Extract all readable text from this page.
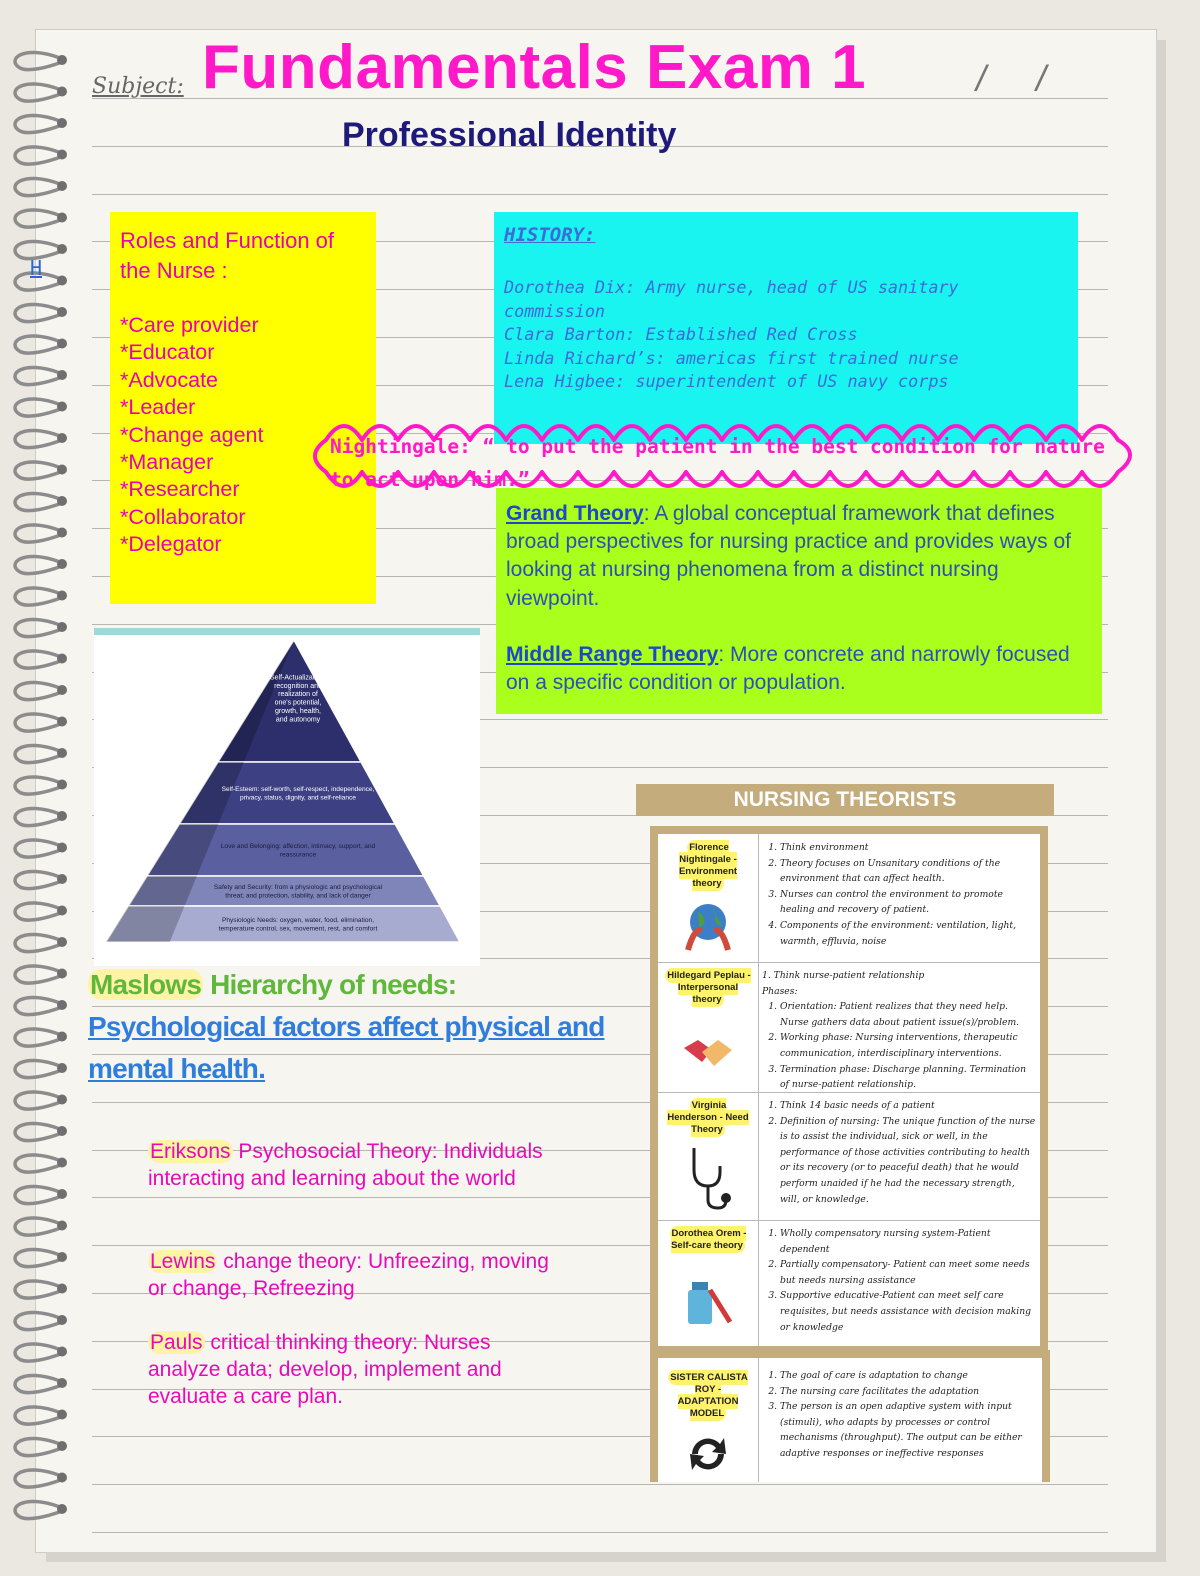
Subject: Fundamentals Exam 1	/ /
Professional Identity
H
Roles and Function of the Nurse :
*Care provider
*Educator
*Advocate
*Leader
*Change agent
*Manager
*Researcher
*Collaborator
*Delegator
HISTORY:
Dorothea Dix: Army nurse, head of US sanitary commission
Clara Barton: Established Red Cross
Linda Richard’s: americas first trained nurse
Lena Higbee: superintendent of US navy corps

Grand Theory: A global conceptual framework that defines broad perspectives for nursing practice and provides ways of looking at nursing phenomena from a distinct nursing viewpoint.

Middle Range Theory: More concrete and narrowly focused on a specific condition or population.

Nightingale: “ to put the patient in the best condition for nature to act upon him.”
Self-Actualization: recognition and realization of one's potential, growth, health, and autonomy
Self-Esteem: self-worth, self-respect, independence, privacy, status, dignity, and self-reliance
Love and Belonging: affection, intimacy, support, and reassurance
Safety and Security: from a physiologic and psychological threat; and protection, stability, and lack of danger
Physiologic Needs: oxygen, water, food, elimination, temperature control, sex, movement, rest, and comfort
Maslows Hierarchy of needs:
Psychological factors affect physical and mental health.
Eriksons Psychosocial Theory: Individuals interacting and learning about the world
Lewins change theory: Unfreezing, moving or change, Refreezing
Pauls critical thinking theory: Nurses analyze data; develop, implement and evaluate a care plan.
NURSING THEORISTS
Florence Nightingale - Environment theory
1. Think environment
2. Theory focuses on Unsanitary conditions of the environment that can affect health.
3. Nurses can control the environment to promote healing and recovery of patient.
4. Components of the environment: ventilation, light, warmth, effluvia, noise
Hildegard Peplau - Interpersonal theory
1. Think nurse-patient relationship
Phases:
1. Orientation: Patient realizes that they need help. Nurse gathers data about patient issue(s)/problem.
2. Working phase: Nursing interventions, therapeutic communication, interdisciplinary interventions.
3. Termination phase: Discharge planning. Termination of nurse-patient relationship.
Virginia Henderson - Need Theory
1. Think 14 basic needs of a patient
2. Definition of nursing: The unique function of the nurse is to assist the individual, sick or well, in the performance of those activities contributing to health or its recovery (or to peaceful death) that he would perform unaided if he had the necessary strength, will, or knowledge.
Dorothea Orem - Self-care theory
1. Wholly compensatory nursing system-Patient dependent
2. Partially compensatory- Patient can meet some needs but needs nursing assistance
3. Supportive educative-Patient can meet self care requisites, but needs assistance with decision making or knowledge
SISTER CALISTA ROY - ADAPTATION MODEL
1. The goal of care is adaptation to change
2. The nursing care facilitates the adaptation
3. The person is an open adaptive system with input (stimuli), who adapts by processes or control mechanisms (throughput). The output can be either adaptive responses or ineffective responses
